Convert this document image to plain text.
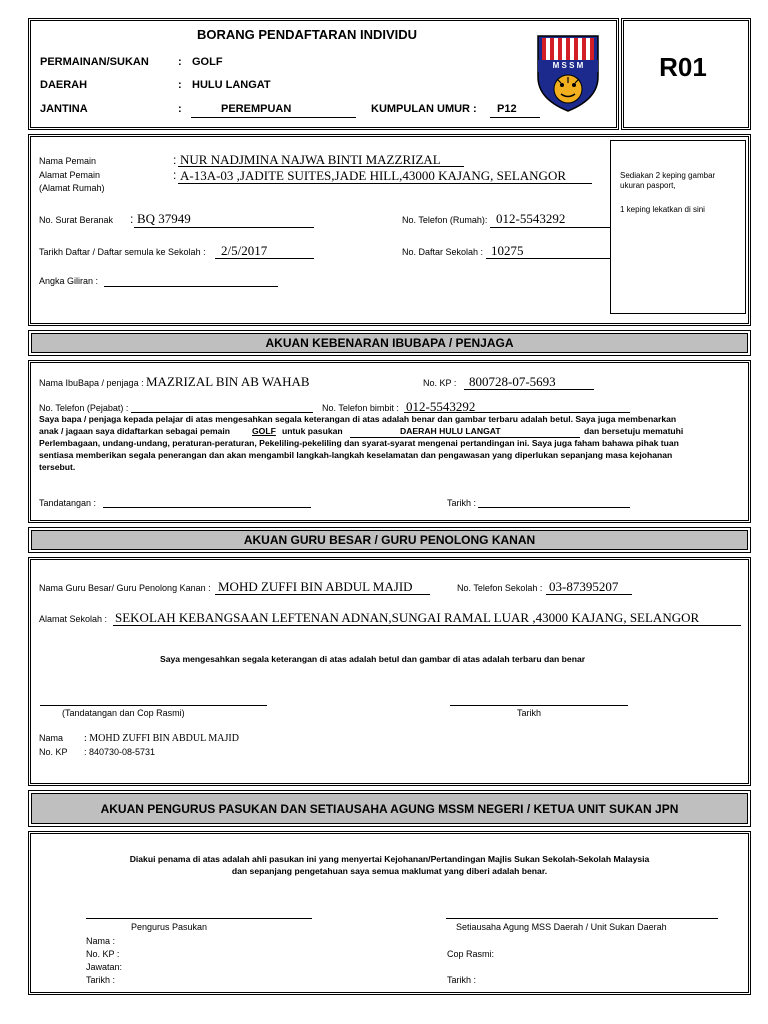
R01
BORANG PENDAFTARAN INDIVIDU
PERMAINAN/SUKAN	: GOLF
DAERAH	: HULU LANGAT
JANTINA	:	PEREMPUAN	KUMPULAN UMUR : P12
M S S M
Sediakan 2 keping gambar
ukuran pasport,
1 keping lekatkan di sini
Nama Pemain	: NUR NADJMINA NAJWA BINTI MAZZRIZAL
Alamat Pemain
(Alamat Rumah)
: A-13A-03 ,JADITE SUITES,JADE HILL,43000 KAJANG, SELANGOR
No. Surat Beranak : BQ 37949	No. Telefon (Rumah): 012-5543292
Tarikh Daftar / Daftar semula ke Sekolah : 2/5/2017	No. Daftar Sekolah : 10275
Angka Giliran :
AKUAN KEBENARAN IBUBAPA / PENJAGA
Nama IbuBapa / penjaga : MAZRIZAL BIN AB WAHAB	No. KP : 800728-07-5693
No. Telefon (Pejabat) :	No. Telefon bimbit : 012-5543292
Saya bapa / penjaga kepada pelajar di atas mengesahkan segala keterangan di atas adalah benar dan gambar terbaru adalah betul. Saya juga membenarkan
anak / jagaan saya didaftarkan sebagai pemain	GOLF untuk pasukan	DAERAH HULU LANGAT	dan bersetuju mematuhi
Perlembagaan, undang-undang, peraturan-peraturan, Pekeliling-pekeliling dan syarat-syarat mengenai pertandingan ini. Saya juga faham bahawa pihak tuan
sentiasa memberikan segala penerangan dan akan mengambil langkah-langkah keselamatan dan pengawasan yang diperlukan sepanjang masa kejohanan
tersebut.
Tandatangan :	Tarikh :
AKUAN GURU BESAR / GURU PENOLONG KANAN
Nama Guru Besar/ Guru Penolong Kanan : MOHD ZUFFI BIN ABDUL MAJID	No. Telefon Sekolah : 03-87395207
Alamat Sekolah : SEKOLAH KEBANGSAAN LEFTENAN ADNAN,SUNGAI RAMAL LUAR ,43000 KAJANG, SELANGOR
Saya mengesahkan segala keterangan di atas adalah betul dan gambar di atas adalah terbaru dan benar
(Tandatangan dan Cop Rasmi)	Tarikh
Nama : MOHD ZUFFI BIN ABDUL MAJID
No. KP : 840730-08-5731
AKUAN PENGURUS PASUKAN DAN SETIAUSAHA AGUNG MSSM NEGERI / KETUA UNIT SUKAN JPN
Diakui penama di atas adalah ahli pasukan ini yang menyertai Kejohanan/Pertandingan Majlis Sukan Sekolah-Sekolah Malaysia
dan sepanjang pengetahuan saya semua maklumat yang diberi adalah benar.
Pengurus Pasukan
Nama :
No. KP :
Jawatan:
Tarikh :
Setiausaha Agung MSS Daerah / Unit Sukan Daerah
Cop Rasmi:
Tarikh :
